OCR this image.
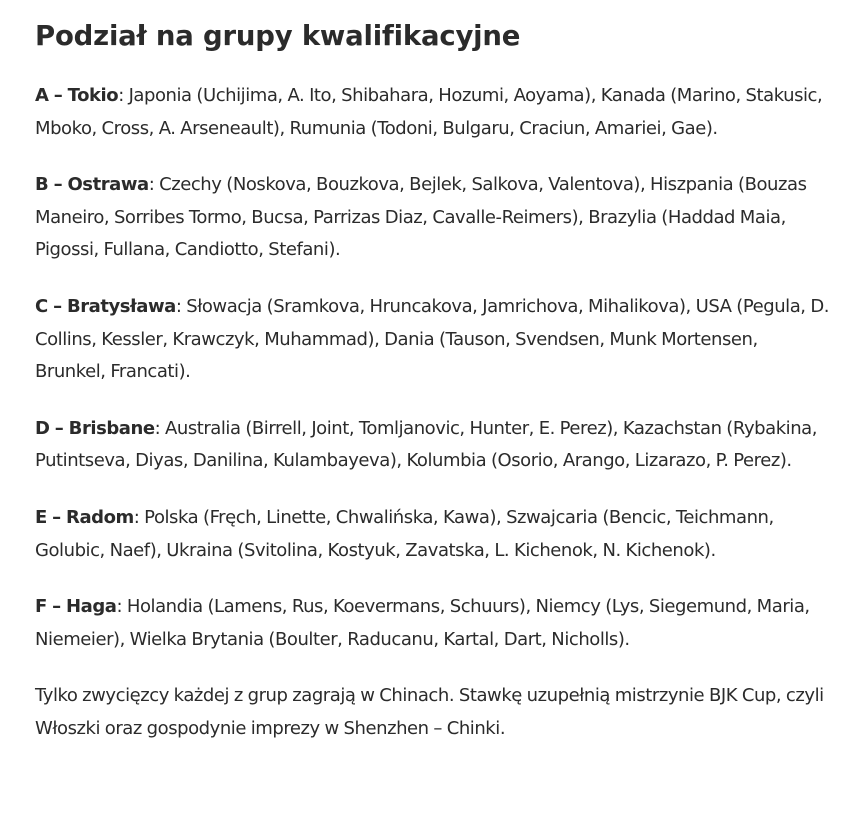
Podział na grupy kwalifikacyjne

A – Tokio: Japonia (Uchijima, A. Ito, Shibahara, Hozumi, Aoyama), Kanada (Marino, Stakusic, Mboko, Cross, A. Arseneault), Rumunia (Todoni, Bulgaru, Craciun, Amariei, Gae).

B – Ostrawa: Czechy (Noskova, Bouzkova, Bejlek, Salkova, Valentova), Hiszpania (Bouzas Maneiro, Sorribes Tormo, Bucsa, Parrizas Diaz, Cavalle-Reimers), Brazylia (Haddad Maia, Pigossi, Fullana, Candiotto, Stefani).

C – Bratysława: Słowacja (Sramkova, Hruncakova, Jamrichova, Mihalikova), USA (Pegula, D. Collins, Kessler, Krawczyk, Muhammad), Dania (Tauson, Svendsen, Munk Mortensen, Brunkel, Francati).

D – Brisbane: Australia (Birrell, Joint, Tomljanovic, Hunter, E. Perez), Kazachstan (Rybakina, Putintseva, Diyas, Danilina, Kulambayeva), Kolumbia (Osorio, Arango, Lizarazo, P. Perez).

E – Radom: Polska (Fręch, Linette, Chwalińska, Kawa), Szwajcaria (Bencic, Teichmann, Golubic, Naef), Ukraina (Svitolina, Kostyuk, Zavatska, L. Kichenok, N. Kichenok).

F – Haga: Holandia (Lamens, Rus, Koevermans, Schuurs), Niemcy (Lys, Siegemund, Maria, Niemeier), Wielka Brytania (Boulter, Raducanu, Kartal, Dart, Nicholls).

Tylko zwycięzcy każdej z grup zagrają w Chinach. Stawkę uzupełnią mistrzynie BJK Cup, czyli Włoszki oraz gospodynie imprezy w Shenzhen – Chinki.
